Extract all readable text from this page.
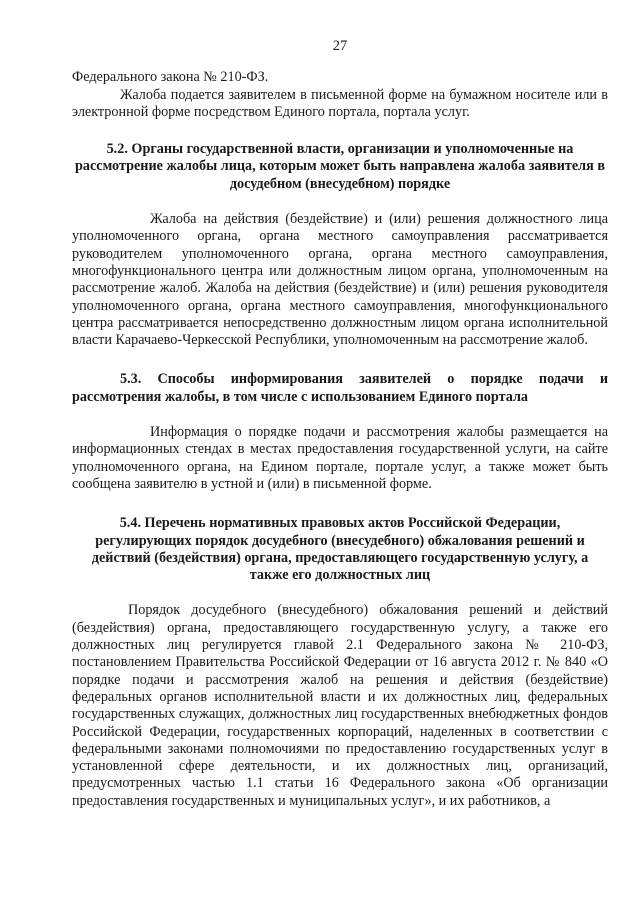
27

Федерального закона № 210-ФЗ.

Жалоба подается заявителем в письменной форме на бумажном носителе или в электронной форме посредством Единого портала, портала услуг.

5.2. Органы государственной власти, организации и уполномоченные на рассмотрение жалобы лица, которым может быть направлена жалоба заявителя в досудебном (внесудебном) порядке

Жалоба на действия (бездействие) и (или) решения должностного лица уполномоченного органа, органа местного самоуправления рассматривается руководителем уполномоченного органа, органа местного самоуправления, многофункционального центра или должностным лицом органа, уполномоченным на рассмотрение жалоб. Жалоба на действия (бездействие) и (или) решения руководителя уполномоченного органа, органа местного самоуправления, многофункционального центра рассматривается непосредственно должностным лицом органа исполнительной власти Карачаево-Черкесской Республики, уполномоченным на рассмотрение жалоб.

5.3. Способы информирования заявителей о порядке подачи и рассмотрения жалобы, в том числе с использованием Единого портала

Информация о порядке подачи и рассмотрения жалобы размещается на информационных стендах в местах предоставления государственной услуги, на сайте уполномоченного органа, на Едином портале, портале услуг, а также может быть сообщена заявителю в устной и (или) в письменной форме.

5.4. Перечень нормативных правовых актов Российской Федерации, регулирующих порядок досудебного (внесудебного) обжалования решений и действий (бездействия) органа, предоставляющего государственную услугу, а также его должностных лиц

Порядок досудебного (внесудебного) обжалования решений и действий (бездействия) органа, предоставляющего государственную услугу, а также его должностных лиц регулируется главой 2.1 Федерального закона № 210-ФЗ, постановлением Правительства Российской Федерации от 16 августа 2012 г. № 840 «О порядке подачи и рассмотрения жалоб на решения и действия (бездействие) федеральных органов исполнительной власти и их должностных лиц, федеральных государственных служащих, должностных лиц государственных внебюджетных фондов Российской Федерации, государственных корпораций, наделенных в соответствии с федеральными законами полномочиями по предоставлению государственных услуг в установленной сфере деятельности, и их должностных лиц, организаций, предусмотренных частью 1.1 статьи 16 Федерального закона «Об организации предоставления государственных и муниципальных услуг», и их работников, а
